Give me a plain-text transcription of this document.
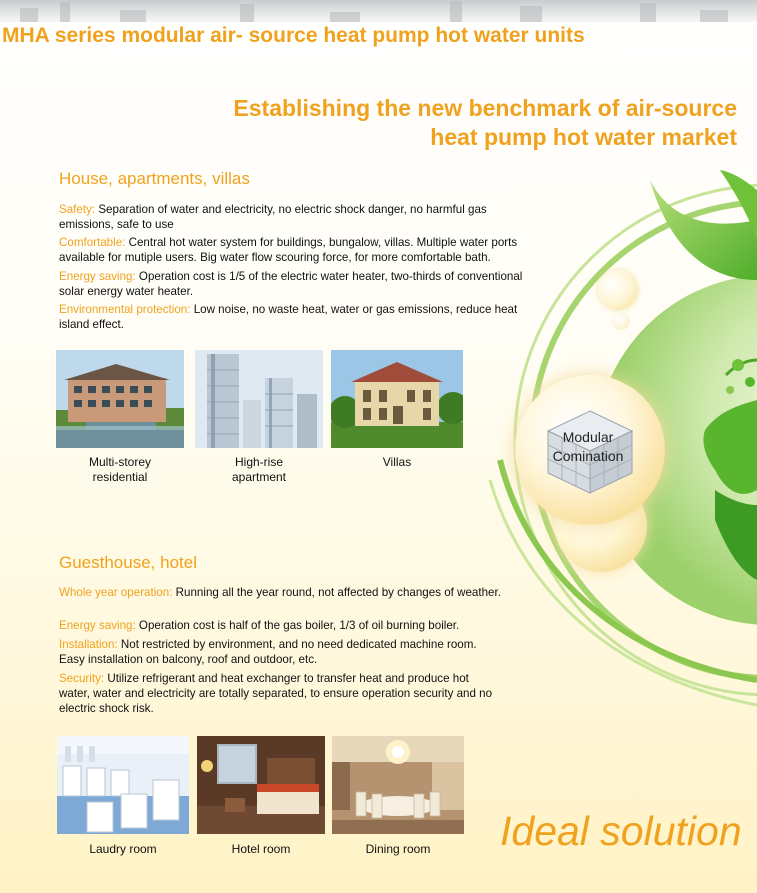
MHA series modular air- source heat pump hot water units
Establishing the new benchmark of air-source
heat pump hot water market
Modular
Comination
House, apartments, villas

Safety: Separation of water and electricity, no electric shock danger, no harmful gas emissions, safe to use

Comfortable: Central hot water system for buildings, bungalow, villas. Multiple water ports available for mutiple users. Big water flow scouring force, for more comfortable bath.

Energy saving: Operation cost is 1/5 of the electric water heater, two-thirds of conventional solar energy water heater.

Environmental protection: Low noise, no waste heat, water or gas emissions, reduce heat island effect.

Multi-storey
residential
High-rise
apartment
Villas
Guesthouse, hotel

Whole year operation: Running all the year round, not affected by changes of weather.

Energy saving: Operation cost is half of the gas boiler, 1/3 of oil burning boiler.

Installation: Not restricted by environment, and no need dedicated machine room. Easy installation on balcony, roof and outdoor, etc.

Security: Utilize refrigerant and heat exchanger to transfer heat and produce hot water, water and electricity are totally separated, to ensure operation security and no electric shock risk.

Laudry room	Hotel room	Dining room	Ideal solution
